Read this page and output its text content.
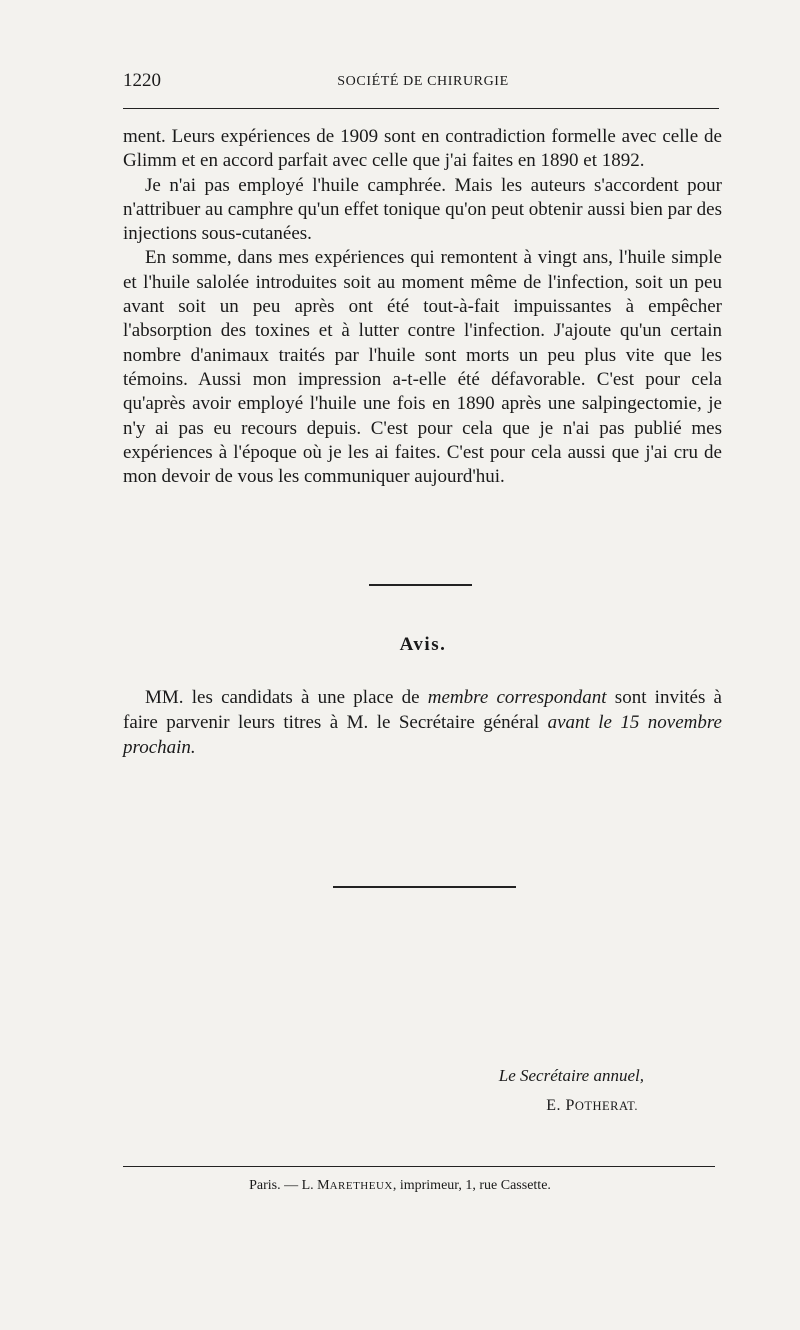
1220	SOCIÉTÉ DE CHIRURGIE

ment. Leurs expériences de 1909 sont en contradiction formelle avec celle de Glimm et en accord parfait avec celle que j'ai faites en 1890 et 1892.

Je n'ai pas employé l'huile camphrée. Mais les auteurs s'accordent pour n'attribuer au camphre qu'un effet tonique qu'on peut obtenir aussi bien par des injections sous-cutanées.

En somme, dans mes expériences qui remontent à vingt ans, l'huile simple et l'huile salolée introduites soit au moment même de l'infection, soit un peu avant soit un peu après ont été tout-à-fait impuissantes à empêcher l'absorption des toxines et à lutter contre l'infection. J'ajoute qu'un certain nombre d'animaux traités par l'huile sont morts un peu plus vite que les témoins. Aussi mon impression a-t-elle été défavorable. C'est pour cela qu'après avoir employé l'huile une fois en 1890 après une salpingectomie, je n'y ai pas eu recours depuis. C'est pour cela que je n'ai pas publié mes expériences à l'époque où je les ai faites. C'est pour cela aussi que j'ai cru de mon devoir de vous les communiquer aujourd'hui.

Avis.

MM. les candidats à une place de membre correspondant sont invités à faire parvenir leurs titres à M. le Secrétaire général avant le 15 novembre prochain.

Le Secrétaire annuel,
E. POTHERAT.
Paris. — L. MARETHEUX, imprimeur, 1, rue Cassette.
